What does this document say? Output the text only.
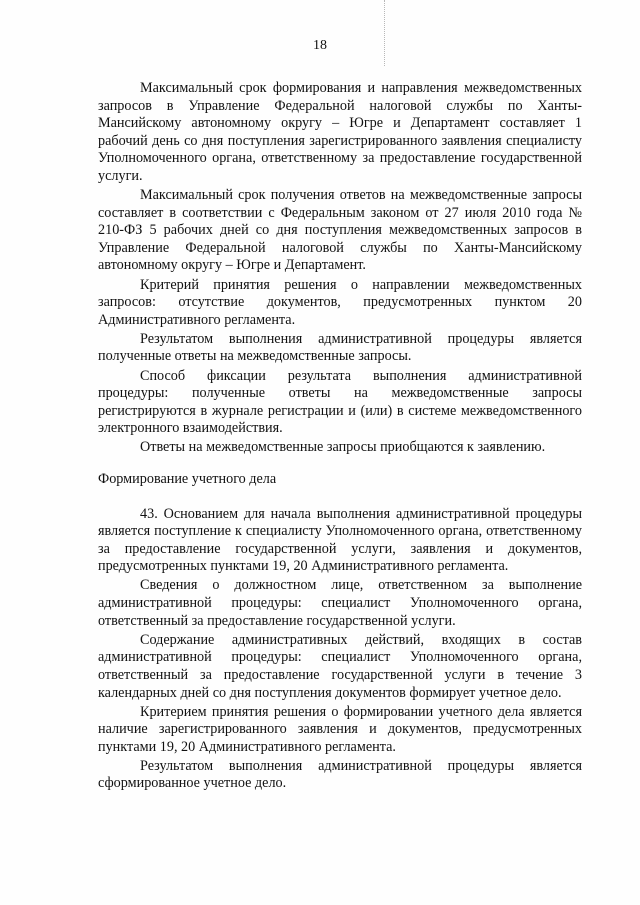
18

Максимальный срок формирования и направления межведомственных запросов в Управление Федеральной налоговой службы по Ханты-Мансийскому автономному округу – Югре и Департамент составляет 1 рабочий день со дня поступления зарегистрированного заявления специалисту Уполномоченного органа, ответственному за предоставление государственной услуги.

Максимальный срок получения ответов на межведомственные запросы составляет в соответствии с Федеральным законом от 27 июля 2010 года № 210-ФЗ 5 рабочих дней со дня поступления межведомственных запросов в Управление Федеральной налоговой службы по Ханты-Мансийскому автономному округу – Югре и Департамент.

Критерий принятия решения о направлении межведомственных запросов: отсутствие документов, предусмотренных пунктом 20 Административного регламента.

Результатом выполнения административной процедуры является полученные ответы на межведомственные запросы.

Способ фиксации результата выполнения административной процедуры: полученные ответы на межведомственные запросы регистрируются в журнале регистрации и (или) в системе межведомственного электронного взаимодействия.

Ответы на межведомственные запросы приобщаются к заявлению.

Формирование учетного дела

43. Основанием для начала выполнения административной процедуры является поступление к специалисту Уполномоченного органа, ответственному за предоставление государственной услуги, заявления и документов, предусмотренных пунктами 19, 20 Административного регламента.

Сведения о должностном лице, ответственном за выполнение административной процедуры: специалист Уполномоченного органа, ответственный за предоставление государственной услуги.

Содержание административных действий, входящих в состав административной процедуры: специалист Уполномоченного органа, ответственный за предоставление государственной услуги в течение 3 календарных дней со дня поступления документов формирует учетное дело.

Критерием принятия решения о формировании учетного дела является наличие зарегистрированного заявления и документов, предусмотренных пунктами 19, 20 Административного регламента.

Результатом выполнения административной процедуры является сформированное учетное дело.
